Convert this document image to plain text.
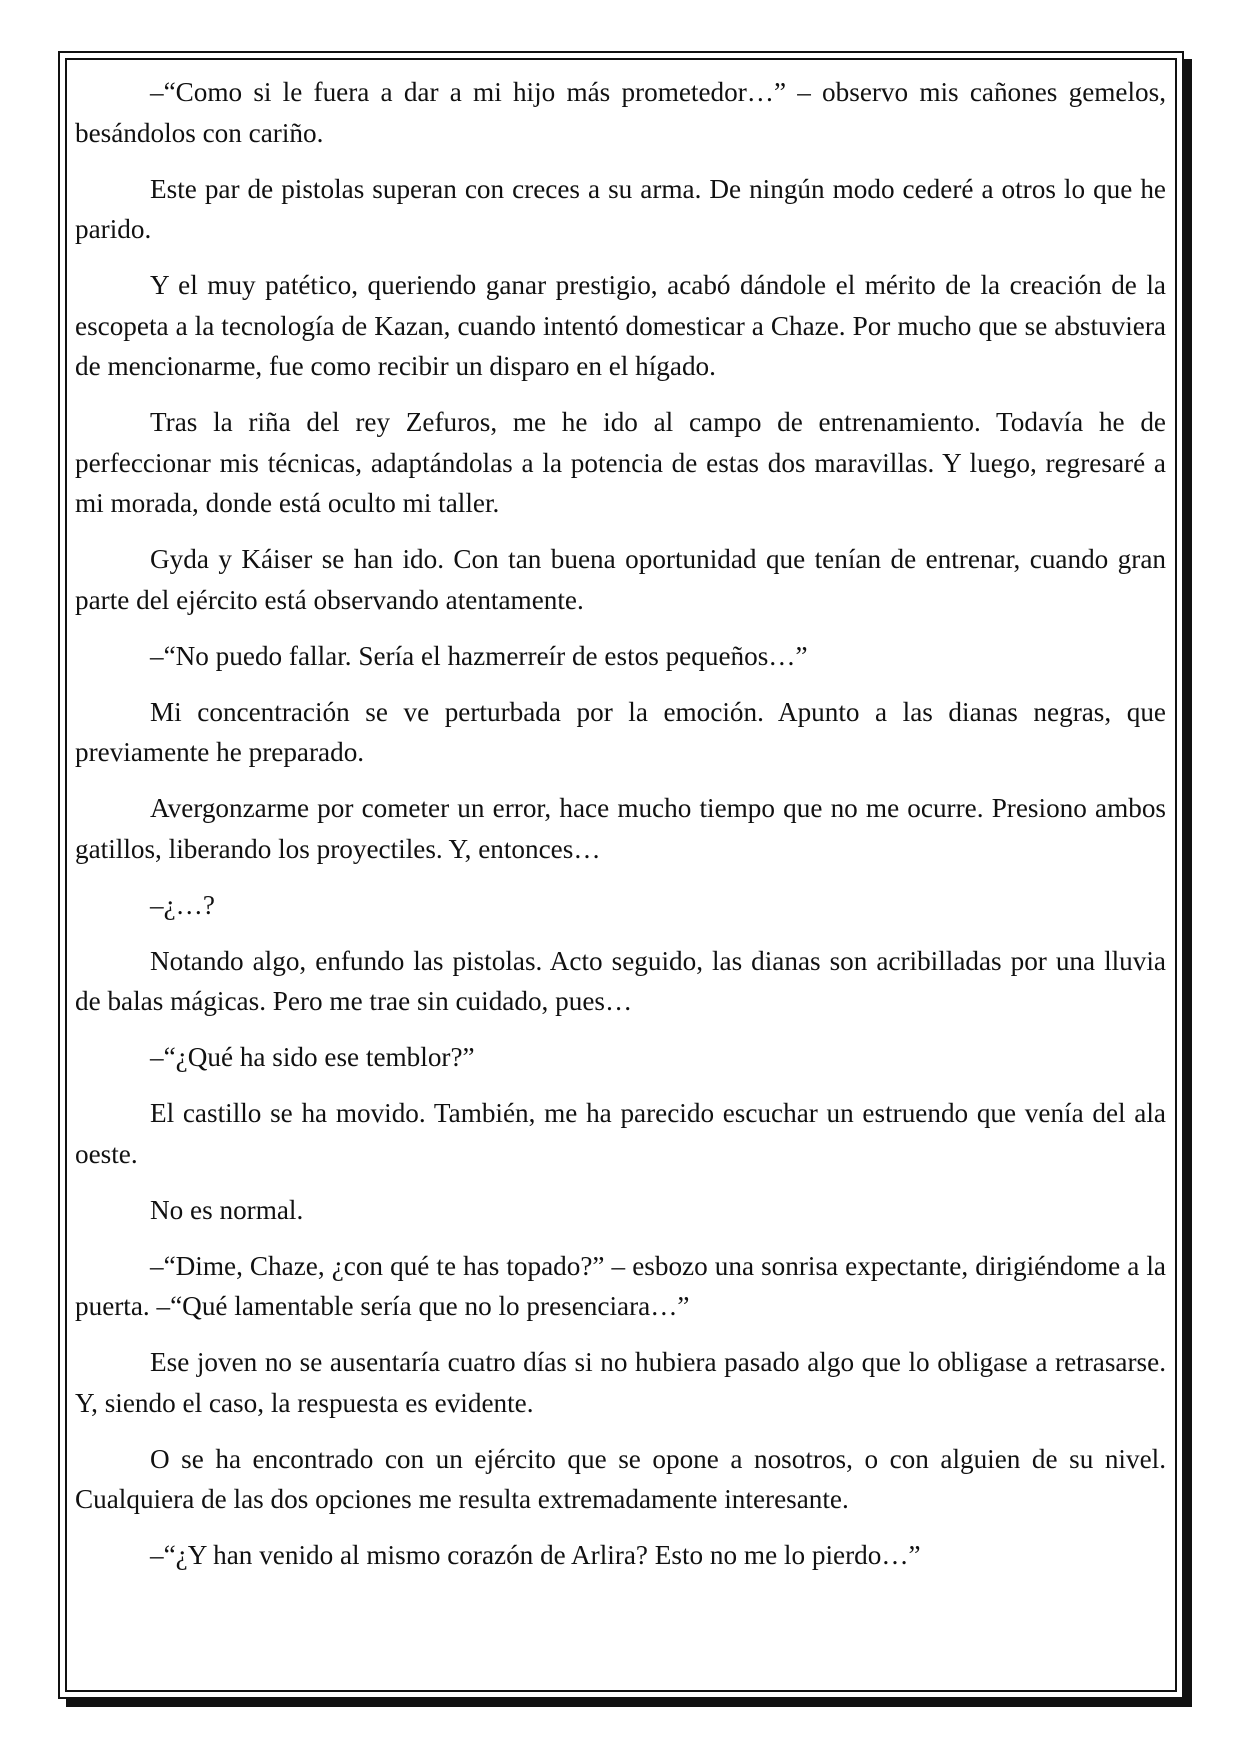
–“Como si le fuera a dar a mi hijo más prometedor…” – observo mis cañones gemelos, besándolos con cariño.

Este par de pistolas superan con creces a su arma. De ningún modo cederé a otros lo que he parido.

Y el muy patético, queriendo ganar prestigio, acabó dándole el mérito de la creación de la escopeta a la tecnología de Kazan, cuando intentó domesticar a Chaze. Por mucho que se abstuviera de mencionarme, fue como recibir un disparo en el hígado.

Tras la riña del rey Zefuros, me he ido al campo de entrenamiento. Todavía he de perfeccionar mis técnicas, adaptándolas a la potencia de estas dos maravillas. Y luego, regresaré a mi morada, donde está oculto mi taller.

Gyda y Káiser se han ido. Con tan buena oportunidad que tenían de entrenar, cuando gran parte del ejército está observando atentamente.

–“No puedo fallar. Sería el hazmerreír de estos pequeños…”

Mi concentración se ve perturbada por la emoción. Apunto a las dianas negras, que previamente he preparado.

Avergonzarme por cometer un error, hace mucho tiempo que no me ocurre. Presiono ambos gatillos, liberando los proyectiles. Y, entonces…

–¿…?

Notando algo, enfundo las pistolas. Acto seguido, las dianas son acribilladas por una lluvia de balas mágicas. Pero me trae sin cuidado, pues…

–“¿Qué ha sido ese temblor?”

El castillo se ha movido. También, me ha parecido escuchar un estruendo que venía del ala oeste.

No es normal.

–“Dime, Chaze, ¿con qué te has topado?” – esbozo una sonrisa expectante, dirigiéndome a la puerta. –“Qué lamentable sería que no lo presenciara…”

Ese joven no se ausentaría cuatro días si no hubiera pasado algo que lo obligase a retrasarse. Y, siendo el caso, la respuesta es evidente.

O se ha encontrado con un ejército que se opone a nosotros, o con alguien de su nivel. Cualquiera de las dos opciones me resulta extremadamente interesante.

–“¿Y han venido al mismo corazón de Arlira? Esto no me lo pierdo…”
